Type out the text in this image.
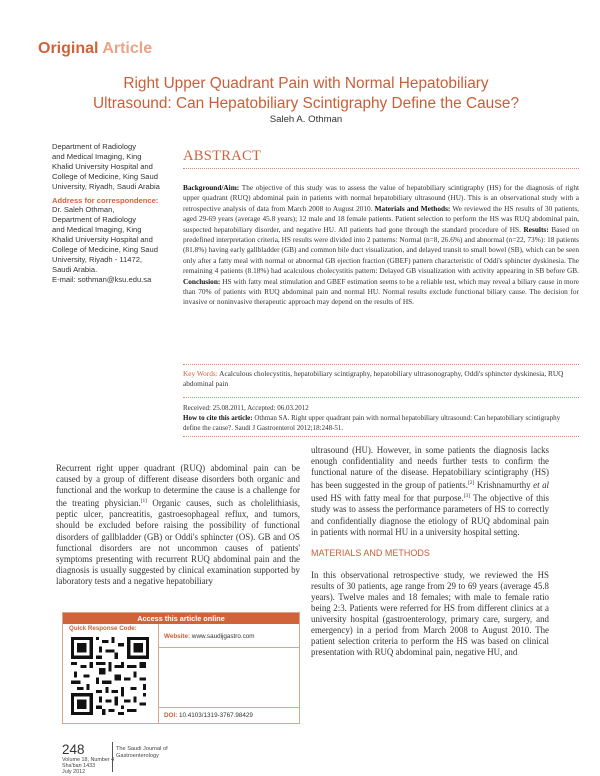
Original Article
Right Upper Quadrant Pain with Normal Hepatobiliary
Ultrasound: Can Hepatobiliary Scintigraphy Define the Cause?
Saleh A. Othman
Department of Radiology
and Medical Imaging, King
Khalid University Hospital and
College of Medicine, King Saud
University, Riyadh, Saudi Arabia
Address for correspondence:
Dr. Saleh Othman,
Department of Radiology
and Medical Imaging, King
Khalid University Hospital and
College of Medicine, King Saud
University, Riyadh - 11472,
Saudi Arabia.
E-mail: sothman@ksu.edu.sa
ABSTRACT
Background/Aim: The objective of this study was to assess the value of hepatobiliary scintigraphy (HS) for the diagnosis of right upper quadrant (RUQ) abdominal pain in patients with normal hepatobiliary ultrasound (HU). This is an observational study with a retrospective analysis of data from March 2008 to August 2010. Materials and Methods: We reviewed the HS results of 30 patients, aged 29-69 years (average 45.8 years); 12 male and 18 female patients. Patient selection to perform the HS was RUQ abdominal pain, suspected hepatobiliary disorder, and negative HU. All patients had gone through the standard procedure of HS. Results: Based on predefined interpretation criteria, HS results were divided into 2 patterns: Normal (n=8, 26.6%) and abnormal (n=22, 73%): 18 patients (81.8%) having early gallbladder (GB) and common bile duct visualization, and delayed transit to small bowel (SB), which can be seen only after a fatty meal with normal or abnormal GB ejection fraction (GBEF) pattern characteristic of Oddi's sphincter dyskinesia. The remaining 4 patients (8.18%) had acalculous cholecystitis pattern: Delayed GB visualization with activity appearing in SB before GB. Conclusion: HS with fatty meal stimulation and GBEF estimation seems to be a reliable test, which may reveal a biliary cause in more than 70% of patients with RUQ abdominal pain and normal HU. Normal results exclude functional biliary cause. The decision for invasive or noninvasive therapeutic approach may depend on the results of HS.
Key Words: Acalculous cholecystitis, hepatobiliary scintigraphy, hepatobiliary ultrasonography, Oddi's sphincter dyskinesia, RUQ abdominal pain
Received: 25.08.2011, Accepted: 06.03.2012
How to cite this article: Othman SA. Right upper quadrant pain with normal hepatobiliary ultrasound: Can hepatobiliary scintigraphy define the cause?. Saudi J Gastroenterol 2012;18:248-51.
Recurrent right upper quadrant (RUQ) abdominal pain can be caused by a group of different disease disorders both organic and functional and the workup to determine the cause is a challenge for the treating physician.[1] Organic causes, such as cholelithiasis, peptic ulcer, pancreatitis, gastroesophageal reflux, and tumors, should be excluded before raising the possibility of functional disorders of gallbladder (GB) or Oddi's sphincter (OS). GB and OS functional disorders are not uncommon causes of patients' symptoms presenting with recurrent RUQ abdominal pain and the diagnosis is usually suggested by clinical examination supported by laboratory tests and a negative hepatobiliary
ultrasound (HU). However, in some patients the diagnosis lacks enough confidentiality and needs further tests to confirm the functional nature of the disease. Hepatobiliary scintigraphy (HS) has been suggested in the group of patients.[2] Krishnamurthy et al used HS with fatty meal for that purpose.[3] The objective of this study was to assess the performance parameters of HS to correctly and confidentially diagnose the etiology of RUQ abdominal pain in patients with normal HU in a university hospital setting.
MATERIALS AND METHODS
In this observational retrospective study, we reviewed the HS results of 30 patients, age range from 29 to 69 years (average 45.8 years). Twelve males and 18 females; with male to female ratio being 2:3. Patients were referred for HS from different clinics at a university hospital (gastroenterology, primary care, surgery, and emergency) in a period from March 2008 to August 2010. The patient selection criteria to perform the HS was based on clinical presentation with RUQ abdominal pain, negative HU, and
Access this article online
Quick Response Code:
Website: www.saudijgastro.com
DOI: 10.4103/1319-3767.98429
248
Volume 18, Number 4
Sha'ban 1433
July 2012
The Saudi Journal of
Gastroenterology
